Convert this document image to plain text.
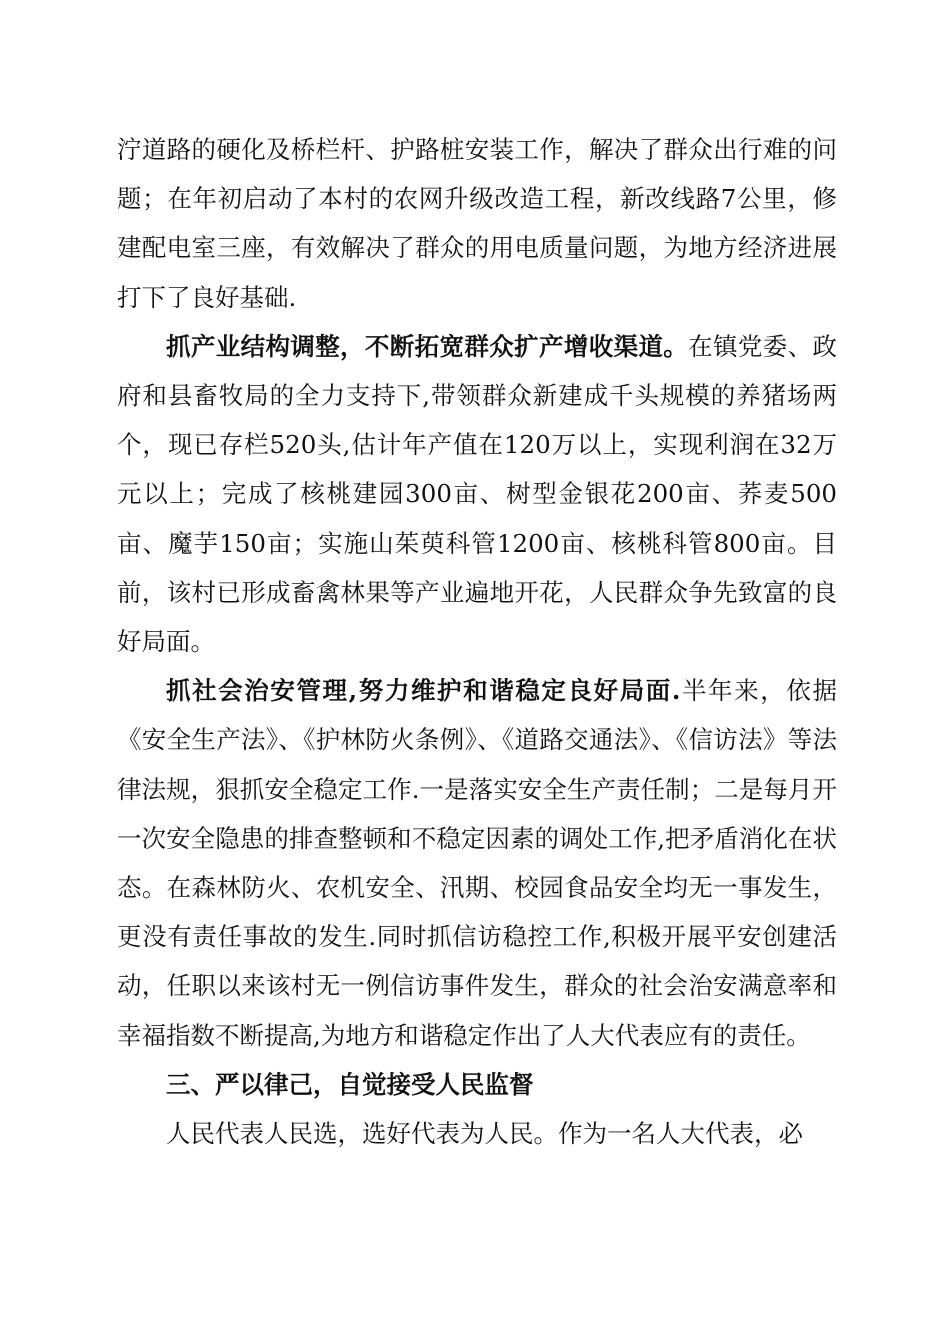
泞道路的硬化及桥栏杆、护路桩安装工作，解决了群众出行难的问题；在年初启动了本村的农网升级改造工程，新改线路7公里，修建配电室三座，有效解决了群众的用电质量问题，为地方经济进展打下了良好基础.

抓产业结构调整，不断拓宽群众扩产增收渠道。在镇党委、政府和县畜牧局的全力支持下,带领群众新建成千头规模的养猪场两个，现已存栏520头,估计年产值在120万以上，实现利润在32万元以上；完成了核桃建园300亩、树型金银花200亩、荞麦500亩、魔芋150亩；实施山茱萸科管1200亩、核桃科管800亩。目前，该村已形成畜禽林果等产业遍地开花，人民群众争先致富的良好局面。

抓社会治安管理,努力维护和谐稳定良好局面.半年来，依据《安全生产法》、《护林防火条例》、《道路交通法》、《信访法》等法律法规，狠抓安全稳定工作.一是落实安全生产责任制；二是每月开一次安全隐患的排查整顿和不稳定因素的调处工作,把矛盾消化在状态。在森林防火、农机安全、汛期、校园食品安全均无一事发生，更没有责任事故的发生.同时抓信访稳控工作,积极开展平安创建活动，任职以来该村无一例信访事件发生，群众的社会治安满意率和幸福指数不断提高,为地方和谐稳定作出了人大代表应有的责任。

三、严以律己，自觉接受人民监督

人民代表人民选，选好代表为人民。作为一名人大代表，必
